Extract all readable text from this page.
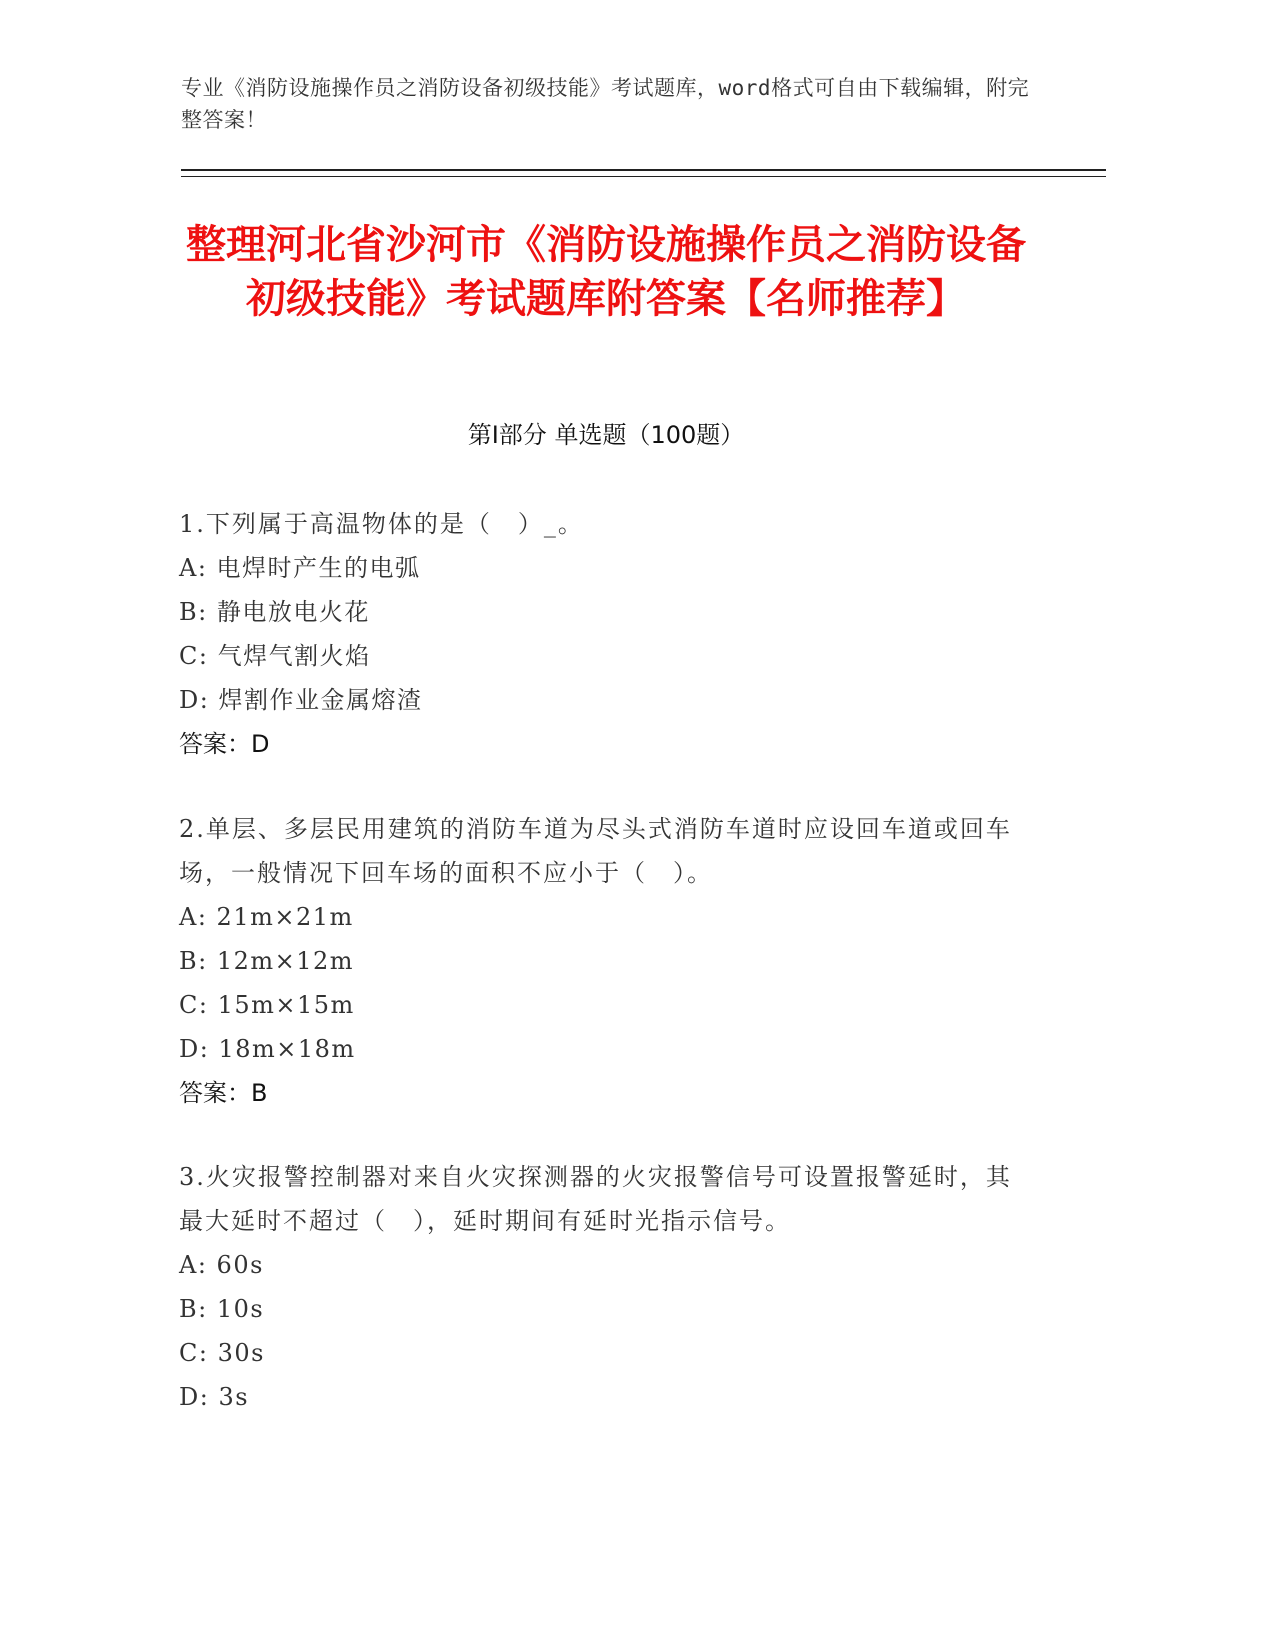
专业《消防设施操作员之消防设备初级技能》考试题库，word格式可自由下载编辑，附完整答案！
整理河北省沙河市《消防设施操作员之消防设备初级技能》考试题库附答案【名师推荐】
第Ⅰ部分 单选题（100题）
1.下列属于高温物体的是（　）_。
A: 电焊时产生的电弧
B: 静电放电火花
C: 气焊气割火焰
D: 焊割作业金属熔渣
答案：D
2.单层、多层民用建筑的消防车道为尽头式消防车道时应设回车道或回车场，一般情况下回车场的面积不应小于（　）。
A: 21m×21m
B: 12m×12m
C: 15m×15m
D: 18m×18m
答案：B
3.火灾报警控制器对来自火灾探测器的火灾报警信号可设置报警延时，其最大延时不超过（　），延时期间有延时光指示信号。
A: 60s
B: 10s
C: 30s
D: 3s
